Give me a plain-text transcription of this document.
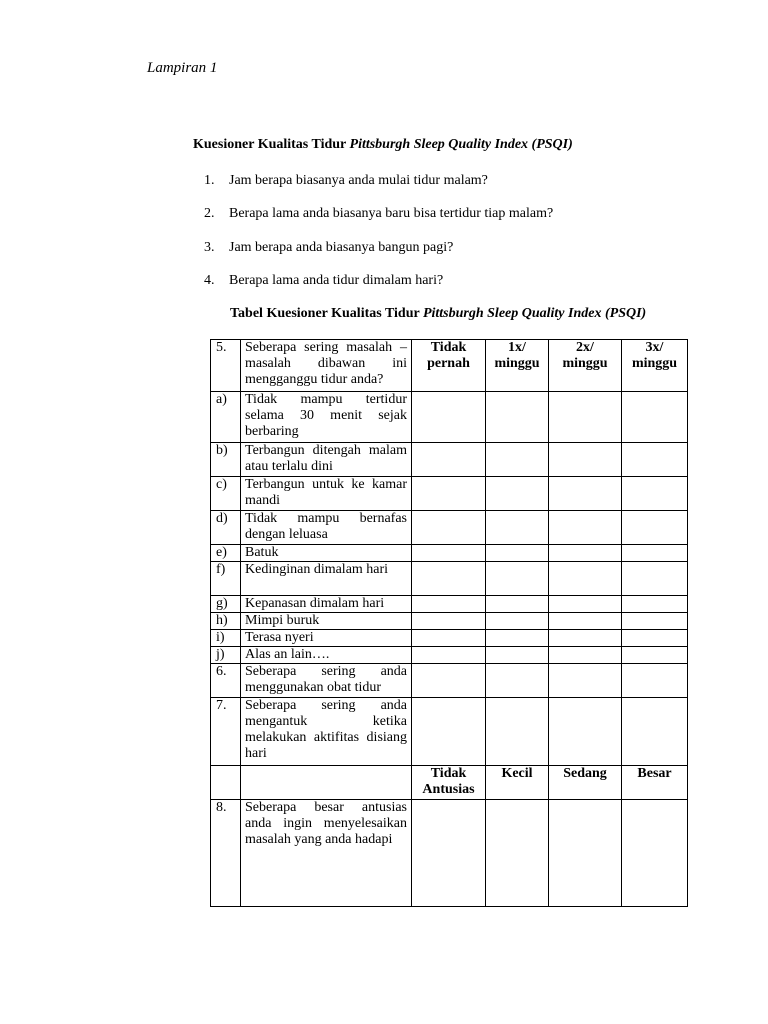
Lampiran 1
Kuesioner Kualitas Tidur Pittsburgh Sleep Quality Index (PSQI)
1. Jam berapa biasanya anda mulai tidur malam?
2. Berapa lama anda biasanya baru bisa tertidur tiap malam?
3. Jam berapa anda biasanya bangun pagi?
4. Berapa lama anda tidur dimalam hari?
Tabel Kuesioner Kualitas Tidur Pittsburgh Sleep Quality Index (PSQI)
5.	Seberapa sering masalah – masalah dibawan ini mengganggu tidur anda?	Tidak pernah	1x/ minggu	2x/ minggu	3x/ minggu
a)	Tidak mampu tertidur selama 30 menit sejak berbaring				
b)	Terbangun ditengah malam atau terlalu dini				
c)	Terbangun untuk ke kamar mandi				
d)	Tidak mampu bernafas dengan leluasa				
e)	Batuk				
f)	Kedinginan dimalam hari				
g)	Kepanasan dimalam hari				
h)	Mimpi buruk				
i)	Terasa nyeri				
j)	Alas an lain….				
6.	Seberapa sering anda menggunakan obat tidur				
7.	Seberapa sering anda mengantuk ketika melakukan aktifitas disiang hari				
		Tidak Antusias	Kecil	Sedang	Besar
8.	Seberapa besar antusias anda ingin menyelesaikan masalah yang anda hadapi				
